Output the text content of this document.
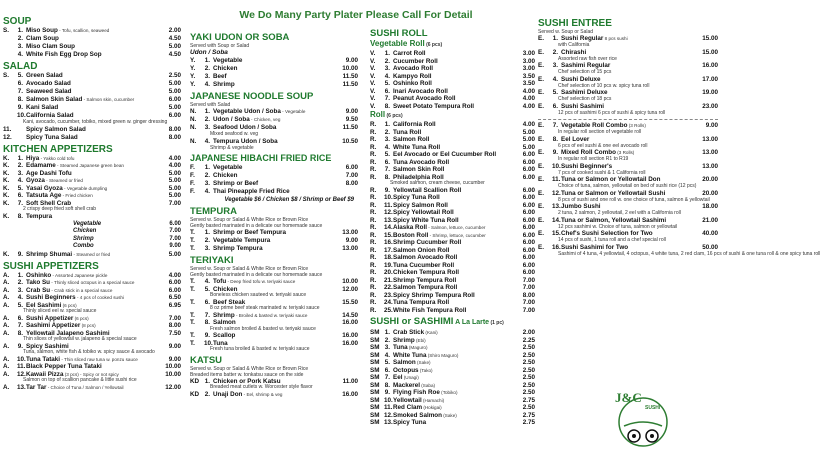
We Do Many Party Plater Please Call For Detail
SOUP
S.	1. Miso Soup - Tofu, scallion, seaweed	2.00
2. Clam Soup	4.50
3. Miso Clam Soup	5.00
4. White Fish Egg Drop Sop	4.50
SALAD
S.	5. Green Salad	2.50
6. Avocado Salad	5.00
7. Seaweed Salad	5.00
8. Salmon Skin Salad - Salmon skin, cucumber	6.00
9. Kani Salad	5.00
10. California Salad	6.00
Kani, avocado, cucumber, tobiko, mixed green w. ginger dressing
11.	Spicy Salmon Salad	8.00
12.	Spicy Tuna Salad	8.00
KITCHEN APPETIZERS
K.	1. Hiya - Yakko cold tofu	4.00
K.	2. Edamame - Steamed Japanese green bean	4.00
K.	3. Age Dashi Tofu	5.00
K.	4. Gyoza - Steamed or fried	5.00
K.	5. Yasai Gyoza - Vegetable dumpling	5.00
K.	6. Tatsuta Age - Fried chicken	5.00
K.	7. Soft Shell Crab	7.00
2 crispy deep fried soft shell crab
K.	8. Tempura
Vegetable	6.00
Chicken	7.00
Shrimp	7.00
Combo	9.00
K.	9. Shrimp Shumai - Steamed or fried	5.00
SUSHI APPETIZERS
A.	1. Oshinko - Assorted Japanese pickle	4.00
A.	2. Tako Su - Thinly sliced octopus in a special sauce	6.00
A.	3. Crab Su - Crab stick in a special sauce	6.00
A.	4. Sushi Beginners - 4 pcs of cooked sushi	6.50
A.	5. Eel Sashimi (6 pcs)	6.95
Thinly sliced eel w. special sauce
A.	6. Sushi Appetizer (6 pcs)	7.00
A.	7. Sashimi Appetizer (8 pcs)	8.00
A.	8. Yellowtail Jalapeno Sashimi	7.50
Thin slices of yellowtail w. jalapeno & special sauce
A.	9. Spicy Sashimi	9.00
Tuna, salmon, white fish & tobiko w. spicy sauce & avocado
A.	10. Tuna Tataki - Thin sliced raw tuna w. ponzu sauce	9.00
A.	11. Black Pepper Tuna Tataki	10.00
A.	12. Kawaii Pizza (3 pcs) - Spicy or not spicy	10.00
Salmon on top of scallion pancake & little sushi rice
A.	13. Tar Tar - Choice of Tuna / Salmon / Yellowtail	12.00
YAKI UDON OR SOBA
Served with Soup or Salad
Udon / Soba
Y.	1. Vegetable	9.00
Y.	2. Chicken	10.00
Y.	3. Beef	11.50
Y.	4. Shrimp	11.50
JAPANESE NOODLE SOUP
Served with Salad
N.	1. Vegetable Udon / Soba - Vegetable	9.00
N.	2. Udon / Soba - Chicken, veg	9.50
N.	3. Seafood Udon / Soba	11.50
Mixed seafood w. veg
N.	4. Tempura Udon / Soba	10.50
Shrimp & vegetable
JAPANESE HIBACHI FRIED RICE
F.	1. Vegetable	6.00
F.	2. Chicken	7.00
F.	3. Shrimp or Beef	8.00
F.	4. Thai Pineapple Fried Rice
Vegetable $6 / Chicken $8 / Shrimp or Beef $9
TEMPURA
Served w. Soup or Salad & White Rice or Brown Rice
Gently basted marinated in a delicate our homemade sauce
T.	1. Shrimp or Beef Tempura	13.00
T.	2. Vegetable Tempura	9.00
T.	3. Shrimp Tempura	13.00
TERIYAKI
Served w. Soup or Salad & White Rice or Brown Rice
Gently basted marinated in a delicate our homemade sauce
T.	4. Tofu - Deep fried tofu w. teriyaki sauce	10.00
T.	5. Chicken	12.00
Boneless chicken sauteed w. teriyaki sauce
T.	6. Beef Steak	15.50
8 oz prime beef steak marinated w. teriyaki sauce
T.	7. Shrimp - Broiled & basted w. teriyaki sauce	14.50
T.	8. Salmon	16.00
Fresh salmon broiled & basted w. teriyaki sauce
T.	9. Scallop	16.00
T.	10. Tuna	16.00
Fresh tuna broiled & basted w. teriyaki sauce
KATSU
Served w. Soup or Salad & White Rice or Brown Rice
Breaded items batter w. tonkatsu sauce on the side
KD 1. Chicken or Pork Katsu	11.00
Breaded meat cutlets w. Worcester style flavor
KD 2. Unaji Don - Eel, shrimp & veg	16.00
SUSHI ROLL
Vegetable Roll (6 pcs)
V.	1. Carrot Roll	3.00
V.	2. Cucumber Roll	3.00
V.	3. Avocado Roll	3.00
V.	4. Kampyo Roll	3.50
V.	5. Oshinko Roll	3.50
V.	6. Inari Avocado Roll	4.00
V.	7. Peanut Avocado Roll	4.00
V.	8. Sweet Potato Tempura Roll	4.00
Roll (6 pcs)
R.	1. California Roll	4.00
R.	2. Tuna Roll	5.00
R.	3. Salmon Roll	5.00
R.	4. White Tuna Roll	5.00
R.	5. Eel Avocado or Eel Cucumber Roll	6.00
R.	6. Tuna Avocado Roll	6.00
R.	7. Salmon Skin Roll	6.00
R.	8. Philadelphia Roll	6.00
Smoked salmon, cream cheese, cucumber
R.	9. Yellowtail Scallion Roll	6.00
R.	10. Spicy Tuna Roll	6.00
R.	11. Spicy Salmon Roll	6.00
R.	12. Spicy Yellowtail Roll	6.00
R.	13. Spicy White Tuna Roll	6.00
R.	14. Alaska Roll - Salmon, lettuce, cucumber	6.00
R.	15. Boston Roll - Shrimp, lettuce, cucumber	6.00
R.	16. Shrimp Cucumber Roll	6.00
R.	17. Salmon Onion Roll	6.00
R.	18. Salmon Avocado Roll	6.00
R.	19. Tuna Cucumber Roll	6.00
R.	20. Chicken Tempura Roll	6.00
R.	21. Shrimp Tempura Roll	7.00
R.	22. Salmon Tempura Roll	7.00
R.	23. Spicy Shrimp Tempura Roll	8.00
R.	24. Tuna Tempura Roll	7.00
R.	25. White Fish Tempura Roll	7.00
SUSHI or SASHIMI A La Larte (1 pc)
SM 1. Crab Stick (Kani)	2.00
SM 2. Shrimp (Ebi)	2.25
SM 3. Tuna (Maguro)	2.50
SM 4. White Tuna (Shiro Maguro)	2.50
SM 5. Salmon (Sake)	2.50
SM 6. Octopus (Tako)	2.50
SM 7. Eel (Unagi)	2.50
SM 8. Mackerel (Saba)	2.50
SM 9. Flying Fish Roe (Tobiko)	2.50
SM 10. Yellowtail (Hamachi)	2.75
SM 11. Red Clam (Hokigai)	2.50
SM 12. Smoked Salmon (Sake)	2.75
SM 13. Spicy Tuna	2.75
SUSHI ENTREE
Served w. Soup or Salad
E.	1. Sushi Regular 8 pcs sushi	15.00
with California
E.	2. Chirashi	15.00
Assorted raw fish over rice
E.	3. Sashimi Regular	16.00
Chef selection of 15 pcs
E.	4. Sushi Deluxe	17.00
Chef selection of 10 pcs w. spicy tuna roll
E.	5. Sashimi Deluxe	19.00
Chef selection of 18 pcs
E.	6. Sushi Sashimi	23.00
12 pcs of sashimi 6 pcs of sushi & spicy tuna roll
E.	7. Vegetable Roll Combo (3 Rolls)	9.00
In regular roll section of vegetable roll
E.	8. Eel Lover	13.00
6 pcs of eel sushi & one eel avocado roll
E.	9. Mixed Roll Combo (3 Rolls)	13.00
In regular roll section R1 to R19
E.	10. Sushi Beginner's	13.00
7 pcs of cooked sushi & 1 California roll
E.	11. Tuna or Salmon or Yellowtail Don	20.00
Choice of tuna, salmon, yellowtail on bed of sushi rice (12 pcs)
E.	12. Tuna or Salmon or Yellowtail Sushi	20.00
8 pcs of sushi and one roll w. one choice of tuna, salmon & yellowtail
E.	13. Jumbo Sushi	18.00
2 tuna, 2 salmon, 2 yellowtail, 2 eel with a California roll
E.	14. Tuna or Salmon, Yellowtail Sashimi	21.00
12 pcs sashimi w. Choice of tuna, salmon or yellowtail
E.	15. Chef's Sushi Selection for Two	40.00
14 pcs of sushi, 1 tuna roll and a chef special roll
E.	16. Sushi Sashimi for Two	50.00
Sashimi of 4 tuna, 4 yellowtail, 4 octopus, 4 white tuna, 2 red clam, 16 pcs of sushi & one tuna roll & one spicy tuna roll
J&C
SUSHI
